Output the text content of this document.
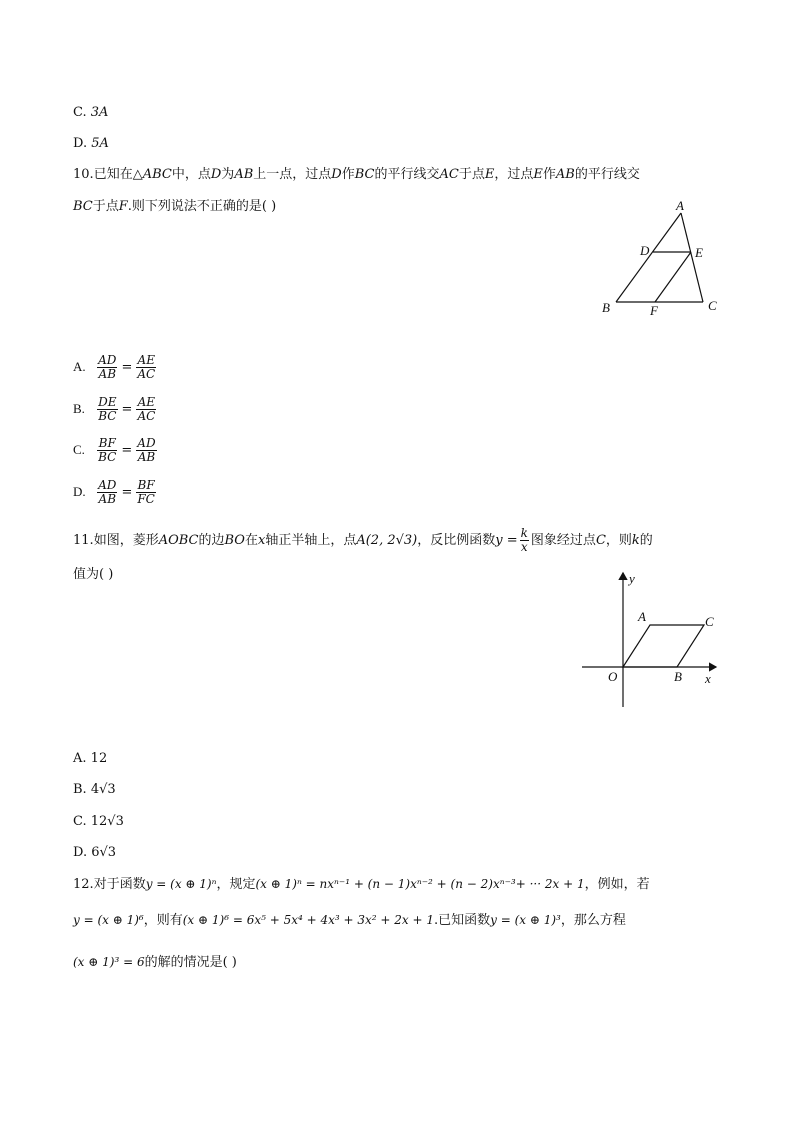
C. 3A
D. 5A
10.已知在△ABC中，点D为AB上一点，过点D作BC的平行线交AC于点E，过点E作AB的平行线交
BC于点F.则下列说法不正确的是( )	A
D	E
B	F	C
A. $\frac{AD}{AB} = \frac{AE}{AC}$
B. $\frac{DE}{BC} = \frac{AE}{AC}$
C. $\frac{BF}{BC} = \frac{AD}{AB}$
D. $\frac{AD}{AB} = \frac{BF}{FC}$
11.如图，菱形AOBC的边BO在x轴正半轴上，点A(2, 2√3)，反比例函数$y = \frac{k}{x}$ 图象经过点C，则k的
值为( )	y
A	C
O	B x
A. 12
B. 4√3
C. 12√3
D. 6√3
12.对于函数y = (x ⊕ 1)ⁿ，规定(x ⊕ 1)ⁿ = nxⁿ⁻¹ + (n − 1)xⁿ⁻² + (n − 2)xⁿ⁻³+ ··· 2x + 1，例如，若
y = (x ⊕ 1)⁶，则有(x ⊕ 1)⁶ = 6x⁵ + 5x⁴ + 4x³ + 3x² + 2x + 1.已知函数y = (x ⊕ 1)³，那么方程
(x ⊕ 1)³ = 6的解的情况是( )
